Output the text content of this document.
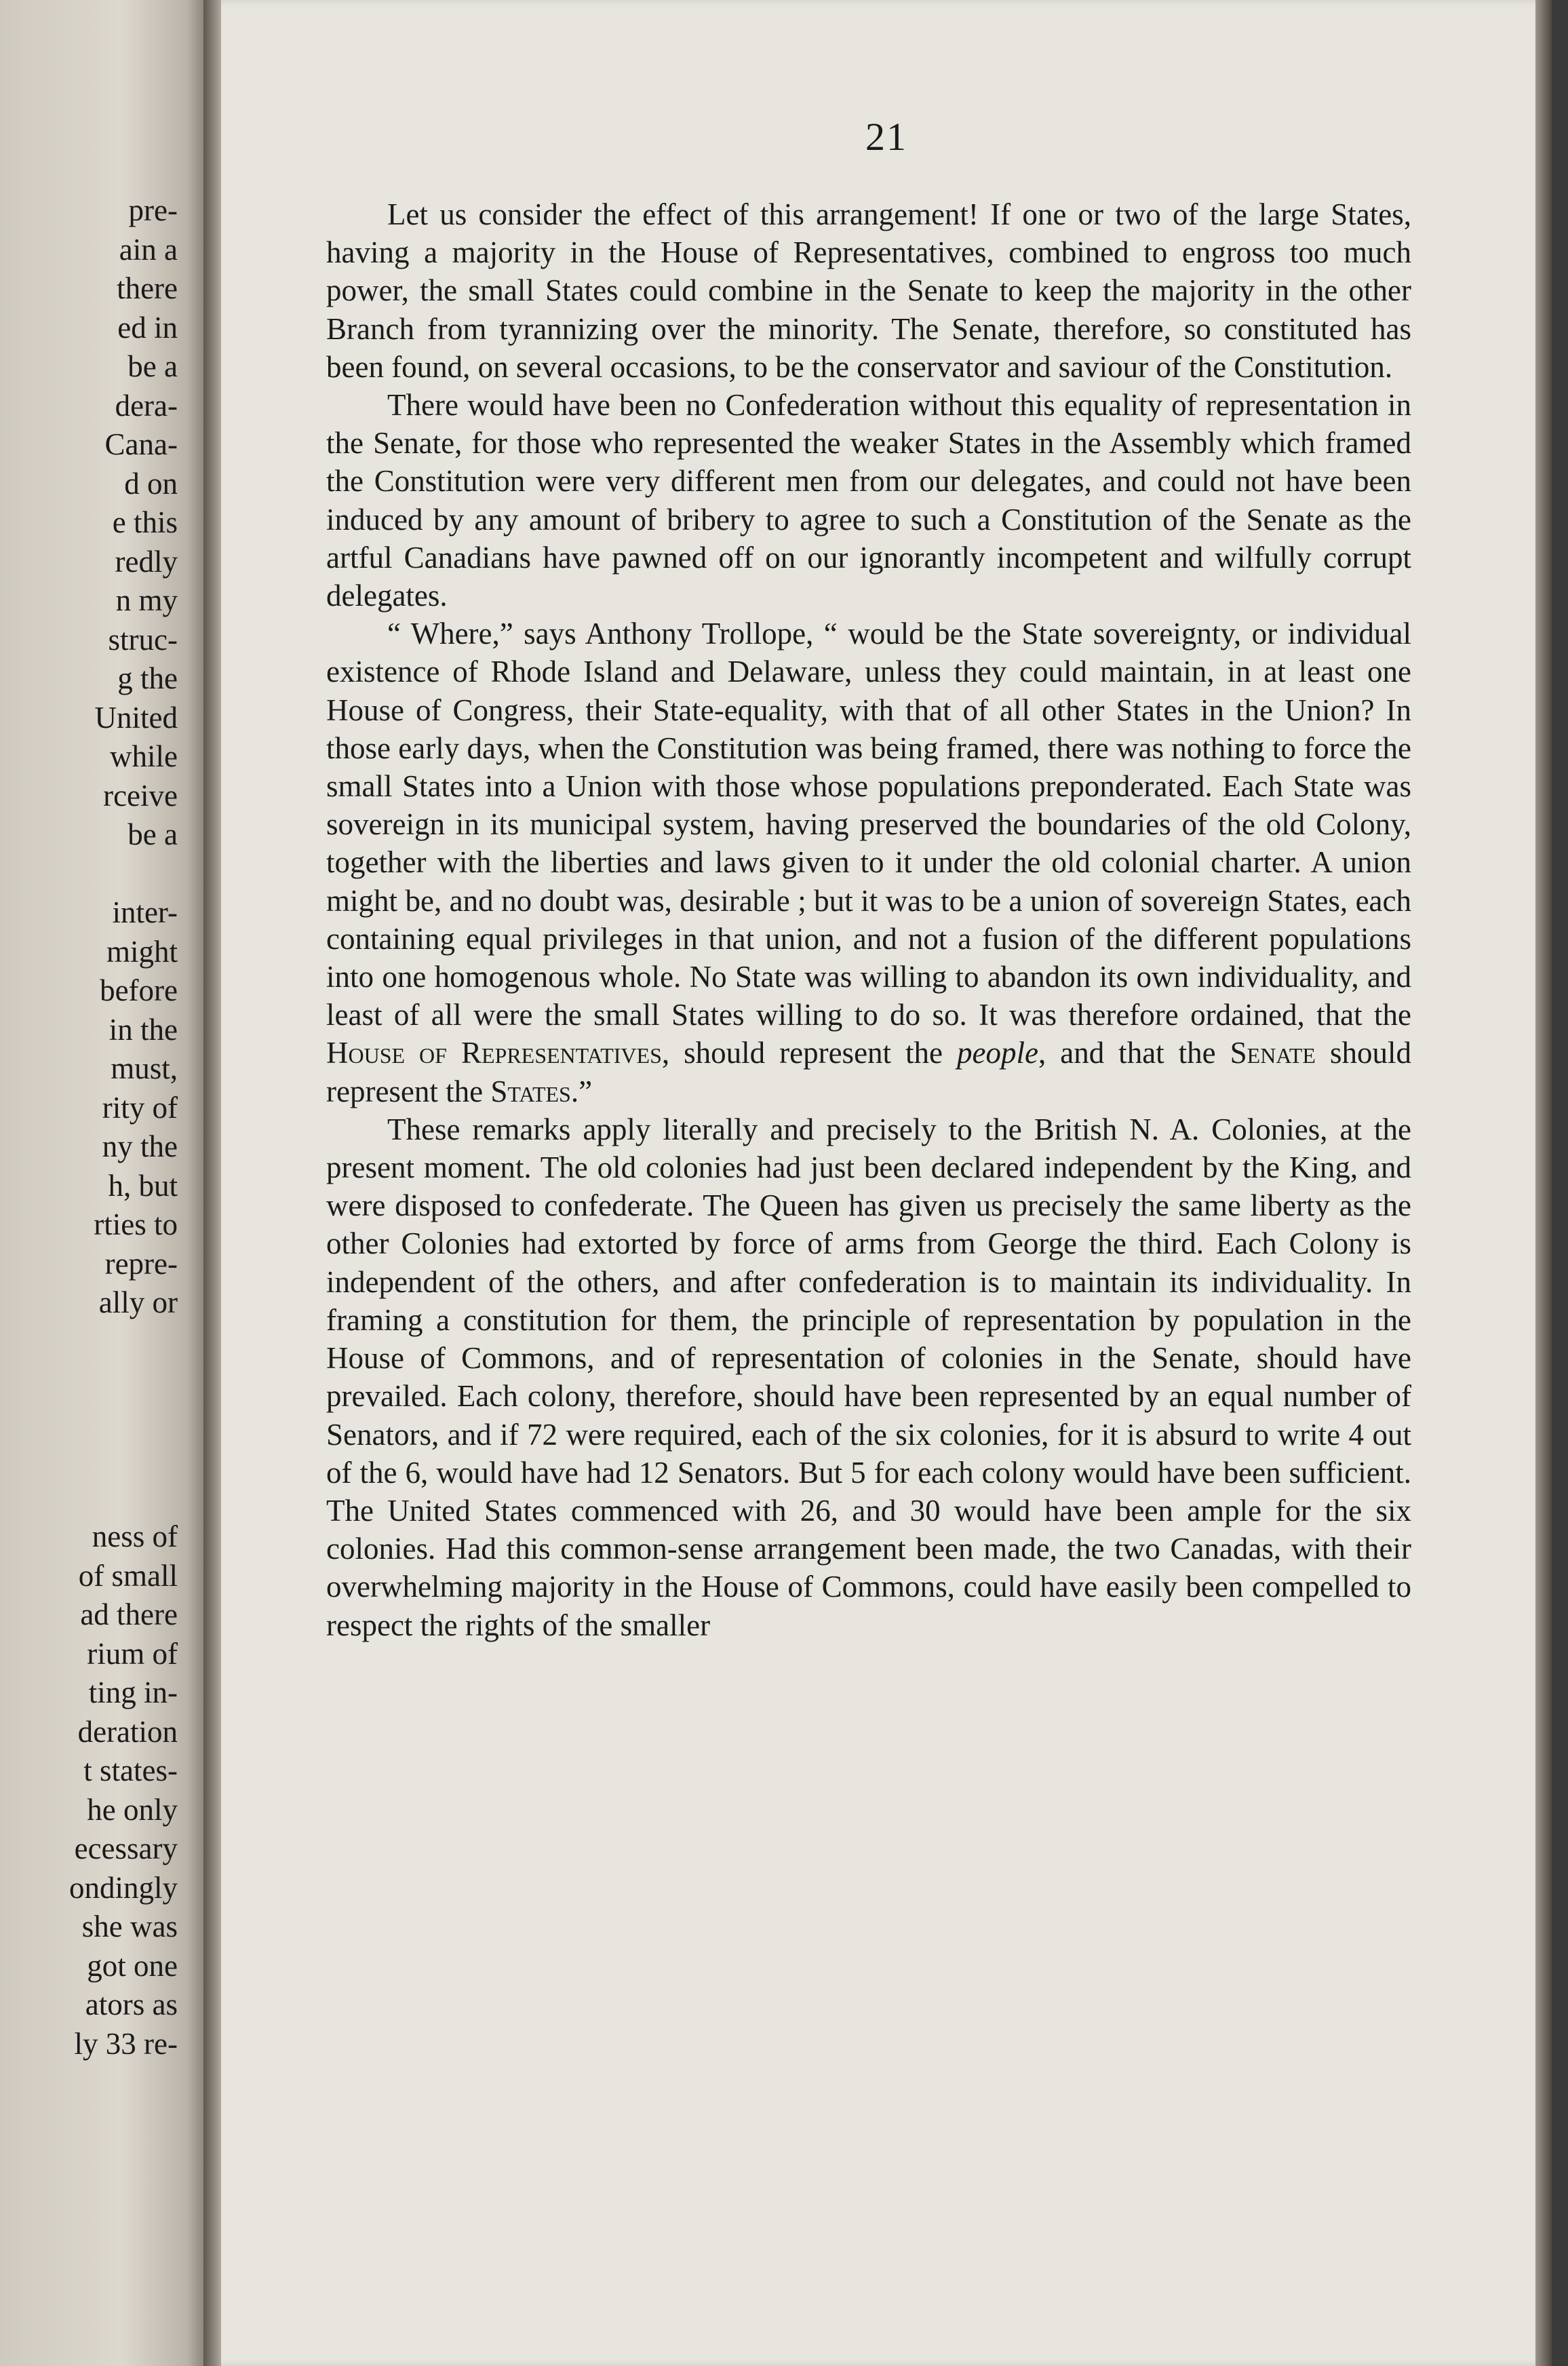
pre-
ain a
there
ed in
be a
dera-
Cana-
d on
e this
redly
n my
struc-
g the
United
while
rceive
be a
inter-
might
before
in the
must,
rity of
ny the
h, but
rties to
repre-
ally or
ness of
of small
ad there
rium of
ting in-
deration
t states-
he only
ecessary
ondingly
she was
got one
ators as
ly 33 re-
21

Let us consider the effect of this arrangement! If one or two of the large States, having a majority in the House of Representatives, combined to engross too much power, the small States could combine in the Senate to keep the majority in the other Branch from tyrannizing over the minority. The Senate, therefore, so constituted has been found, on several occasions, to be the conservator and saviour of the Constitution.

There would have been no Confederation without this equality of representation in the Senate, for those who represented the weaker States in the Assembly which framed the Constitution were very different men from our delegates, and could not have been induced by any amount of bribery to agree to such a Constitution of the Senate as the artful Canadians have pawned off on our ignorantly incompetent and wilfully corrupt delegates.

“ Where,” says Anthony Trollope, “ would be the State sovereignty, or individual existence of Rhode Island and Delaware, unless they could maintain, in at least one House of Congress, their State-equality, with that of all other States in the Union? In those early days, when the Constitution was being framed, there was nothing to force the small States into a Union with those whose populations preponderated. Each State was sovereign in its municipal system, having preserved the boundaries of the old Colony, together with the liberties and laws given to it under the old colonial charter. A union might be, and no doubt was, desirable ; but it was to be a union of sovereign States, each containing equal privileges in that union, and not a fusion of the different populations into one homogenous whole. No State was willing to abandon its own individuality, and least of all were the small States willing to do so. It was therefore ordained, that the House of Representatives, should represent the people, and that the Senate should represent the States.”

These remarks apply literally and precisely to the British N. A. Colonies, at the present moment. The old colonies had just been declared independent by the King, and were disposed to confederate. The Queen has given us precisely the same liberty as the other Colonies had extorted by force of arms from George the third. Each Colony is independent of the others, and after confederation is to maintain its individuality. In framing a constitution for them, the principle of representation by population in the House of Commons, and of representation of colonies in the Senate, should have prevailed. Each colony, therefore, should have been represented by an equal number of Senators, and if 72 were required, each of the six colonies, for it is absurd to write 4 out of the 6, would have had 12 Senators. But 5 for each colony would have been sufficient. The United States commenced with 26, and 30 would have been ample for the six colonies. Had this common-sense arrangement been made, the two Canadas, with their overwhelming majority in the House of Commons, could have easily been compelled to respect the rights of the smaller
